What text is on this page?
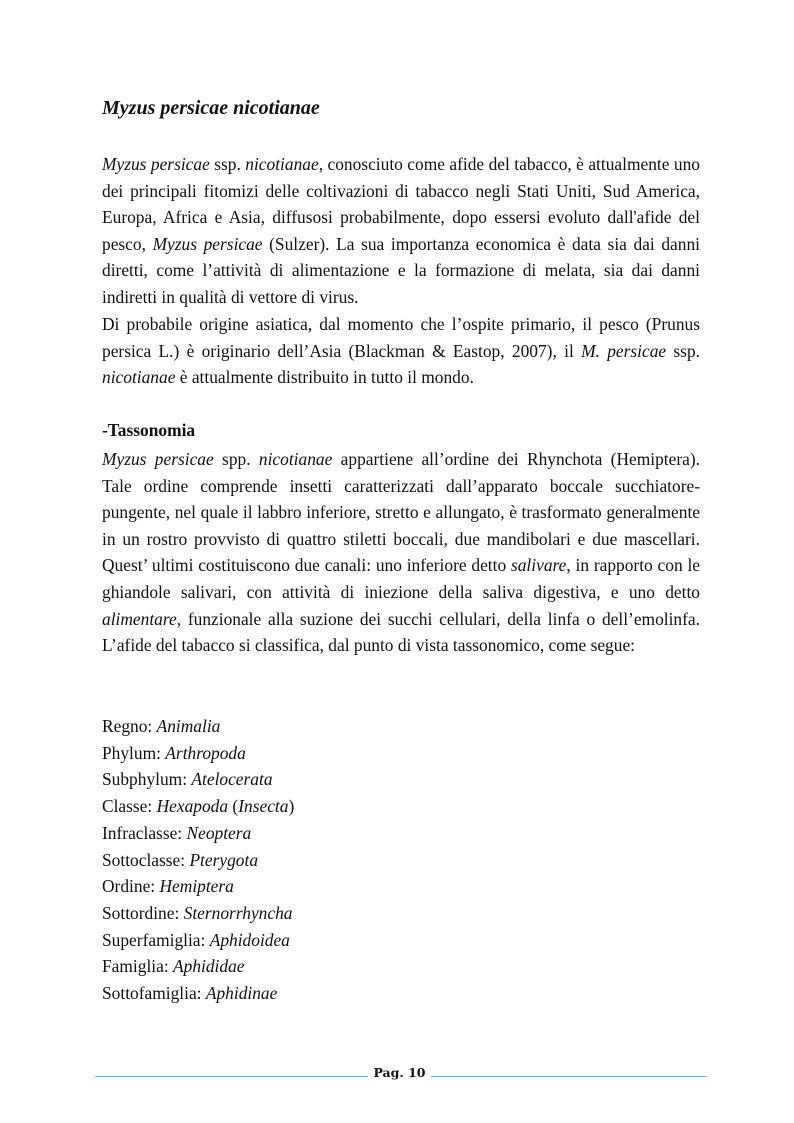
Myzus persicae nicotianae

Myzus persicae ssp. nicotianae, conosciuto come afide del tabacco, è attualmente uno dei principali fitomizi delle coltivazioni di tabacco negli Stati Uniti, Sud America, Europa, Africa e Asia, diffusosi probabilmente, dopo essersi evoluto dall'afide del pesco, Myzus persicae (Sulzer). La sua importanza economica è data sia dai danni diretti, come l’attività di alimentazione e la formazione di melata, sia dai danni indiretti in qualità di vettore di virus.

Di probabile origine asiatica, dal momento che l’ospite primario, il pesco (Prunus persica L.) è originario dell’Asia (Blackman & Eastop, 2007), il M. persicae ssp. nicotianae è attualmente distribuito in tutto il mondo.

-Tassonomia

Myzus persicae spp. nicotianae appartiene all’ordine dei Rhynchota (Hemiptera). Tale ordine comprende insetti caratterizzati dall’apparato boccale succhiatore-pungente, nel quale il labbro inferiore, stretto e allungato, è trasformato generalmente in un rostro provvisto di quattro stiletti boccali, due mandibolari e due mascellari. Quest’ ultimi costituiscono due canali: uno inferiore detto salivare, in rapporto con le ghiandole salivari, con attività di iniezione della saliva digestiva, e uno detto alimentare, funzionale alla suzione dei succhi cellulari, della linfa o dell’emolinfa. L’afide del tabacco si classifica, dal punto di vista tassonomico, come segue:

Regno: Animalia
Phylum: Arthropoda
Subphylum: Atelocerata
Classe: Hexapoda (Insecta)
Infraclasse: Neoptera
Sottoclasse: Pterygota
Ordine: Hemiptera
Sottordine: Sternorrhyncha
Superfamiglia: Aphidoidea
Famiglia: Aphididae
Sottofamiglia: Aphidinae
Pag. 10
